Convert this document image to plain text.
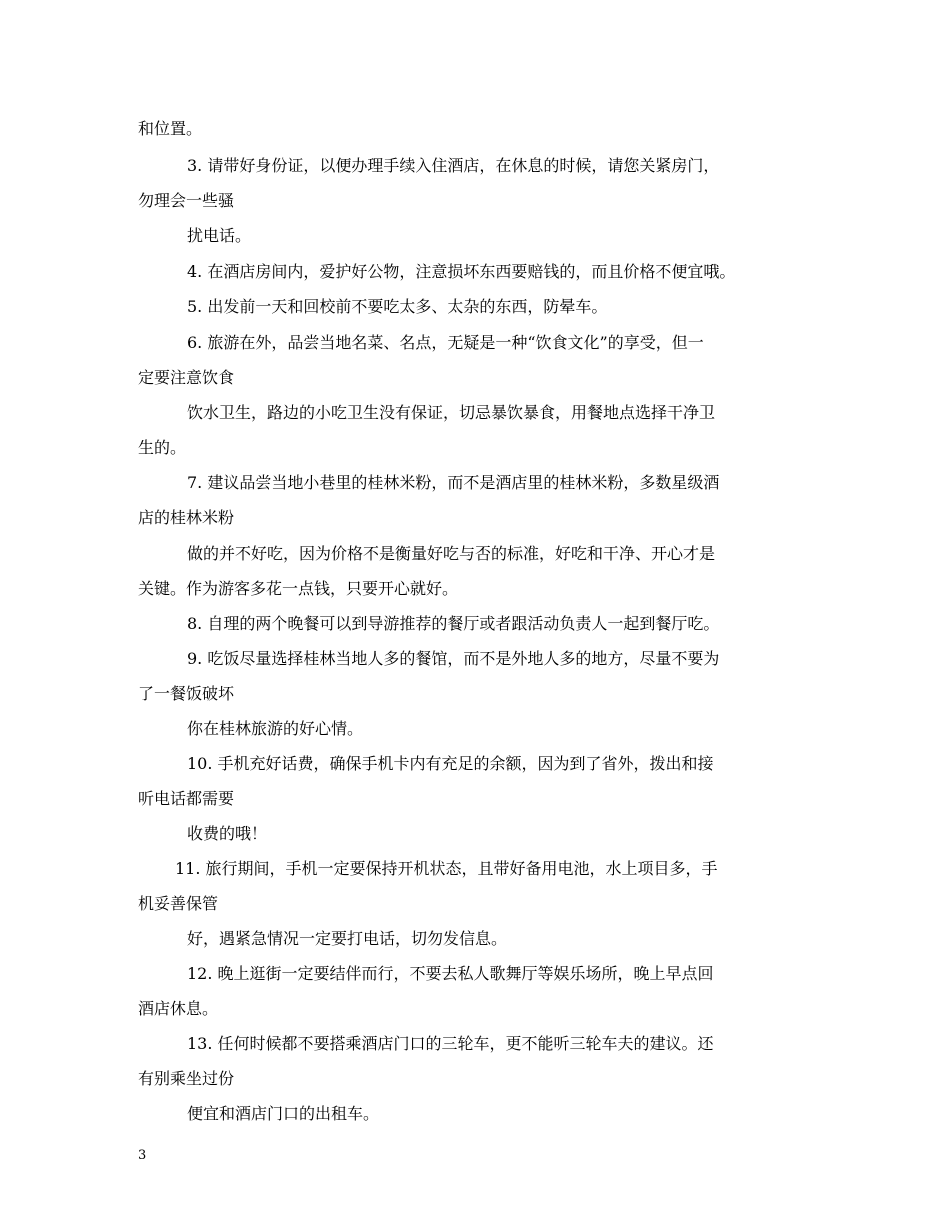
和位置。
3. 请带好身份证，以便办理手续入住酒店，在休息的时候，请您关紧房门，
勿理会一些骚
扰电话。
4. 在酒店房间内，爱护好公物，注意损坏东西要赔钱的，而且价格不便宜哦。
5. 出发前一天和回校前不要吃太多、太杂的东西，防晕车。
6. 旅游在外，品尝当地名菜、名点，无疑是一种“饮食文化”的享受，但一
定要注意饮食
饮水卫生，路边的小吃卫生没有保证，切忌暴饮暴食，用餐地点选择干净卫
生的。
7. 建议品尝当地小巷里的桂林米粉，而不是酒店里的桂林米粉，多数星级酒
店的桂林米粉
做的并不好吃，因为价格不是衡量好吃与否的标准，好吃和干净、开心才是
关键。作为游客多花一点钱，只要开心就好。
8. 自理的两个晚餐可以到导游推荐的餐厅或者跟活动负责人一起到餐厅吃。
9. 吃饭尽量选择桂林当地人多的餐馆，而不是外地人多的地方，尽量不要为
了一餐饭破坏
你在桂林旅游的好心情。
10. 手机充好话费，确保手机卡内有充足的余额，因为到了省外，拨出和接
听电话都需要
收费的哦！
11. 旅行期间，手机一定要保持开机状态，且带好备用电池，水上项目多，手
机妥善保管
好，遇紧急情况一定要打电话，切勿发信息。
12. 晚上逛街一定要结伴而行，不要去私人歌舞厅等娱乐场所，晚上早点回
酒店休息。
13. 任何时候都不要搭乘酒店门口的三轮车，更不能听三轮车夫的建议。还
有别乘坐过份
便宜和酒店门口的出租车。
3
